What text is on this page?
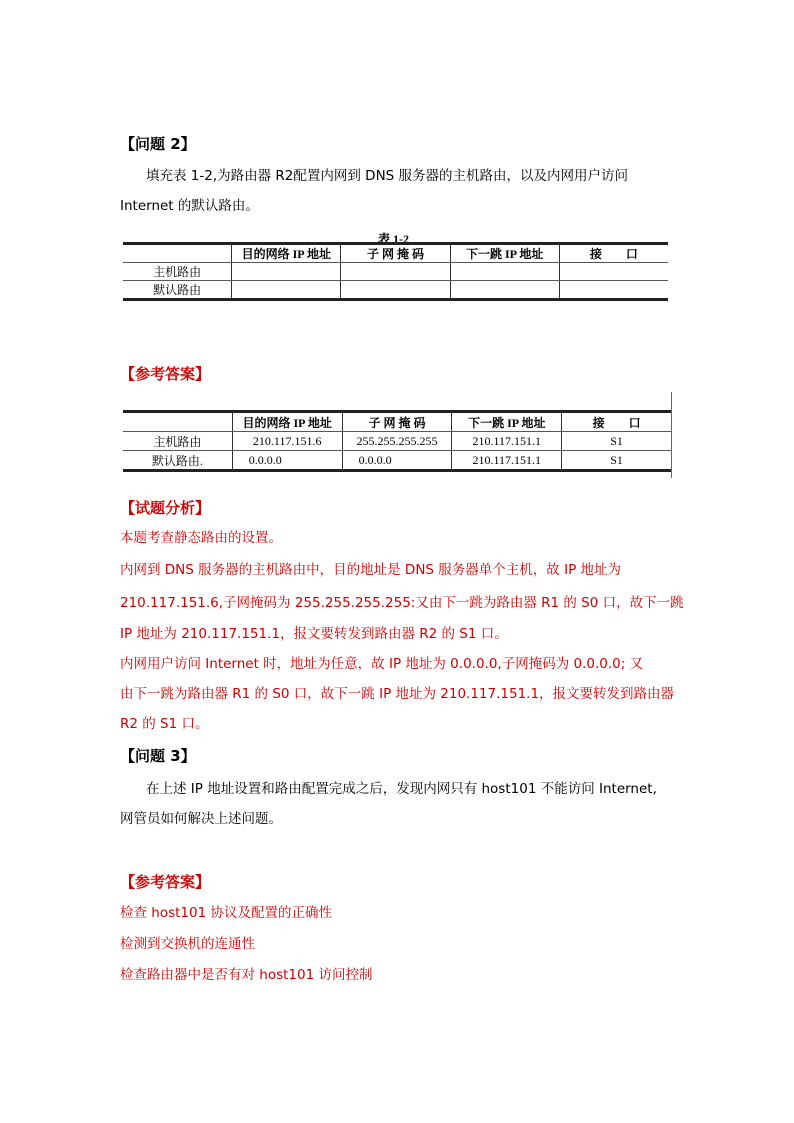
【问题 2】
填充表 1-2,为路由器 R2配置内网到 DNS 服务器的主机路由，以及内网用户访问
Internet 的默认路由。
表 1-2
	目的网络 IP 地址	子 网 掩 码	下一跳 IP 地址	接　　口
主机路由				
默认路由				
【参考答案】
	目的网络 IP 地址	子 网 掩 码	下一跳 IP 地址	接　　口
主机路由	210.117.151.6	255.255.255.255	210.117.151.1	S1
默认路由.	0.0.0.0	0.0.0.0	210.117.151.1	S1
【试题分析】
本题考查静态路由的设置。
内网到 DNS 服务器的主机路由中，目的地址是 DNS 服务器单个主机，故 IP 地址为
210.117.151.6,子网掩码为 255.255.255.255:又由下一跳为路由器 R1 的 S0 口，故下一跳
IP 地址为 210.117.151.1，报文要转发到路由器 R2 的 S1 口。
内网用户访问 Internet 时，地址为任意，故 IP 地址为 0.0.0.0,子网掩码为 0.0.0.0; 又
由下一跳为路由器 R1 的 S0 口，故下一跳 IP 地址为 210.117.151.1，报文要转发到路由器
R2 的 S1 口。
【问题 3】
在上述 IP 地址设置和路由配置完成之后，发现内网只有 host101 不能访问 Internet,
网管员如何解决上述问题。
【参考答案】
检查 host101 协议及配置的正确性
检测到交换机的连通性
检查路由器中是否有对 host101 访问控制
